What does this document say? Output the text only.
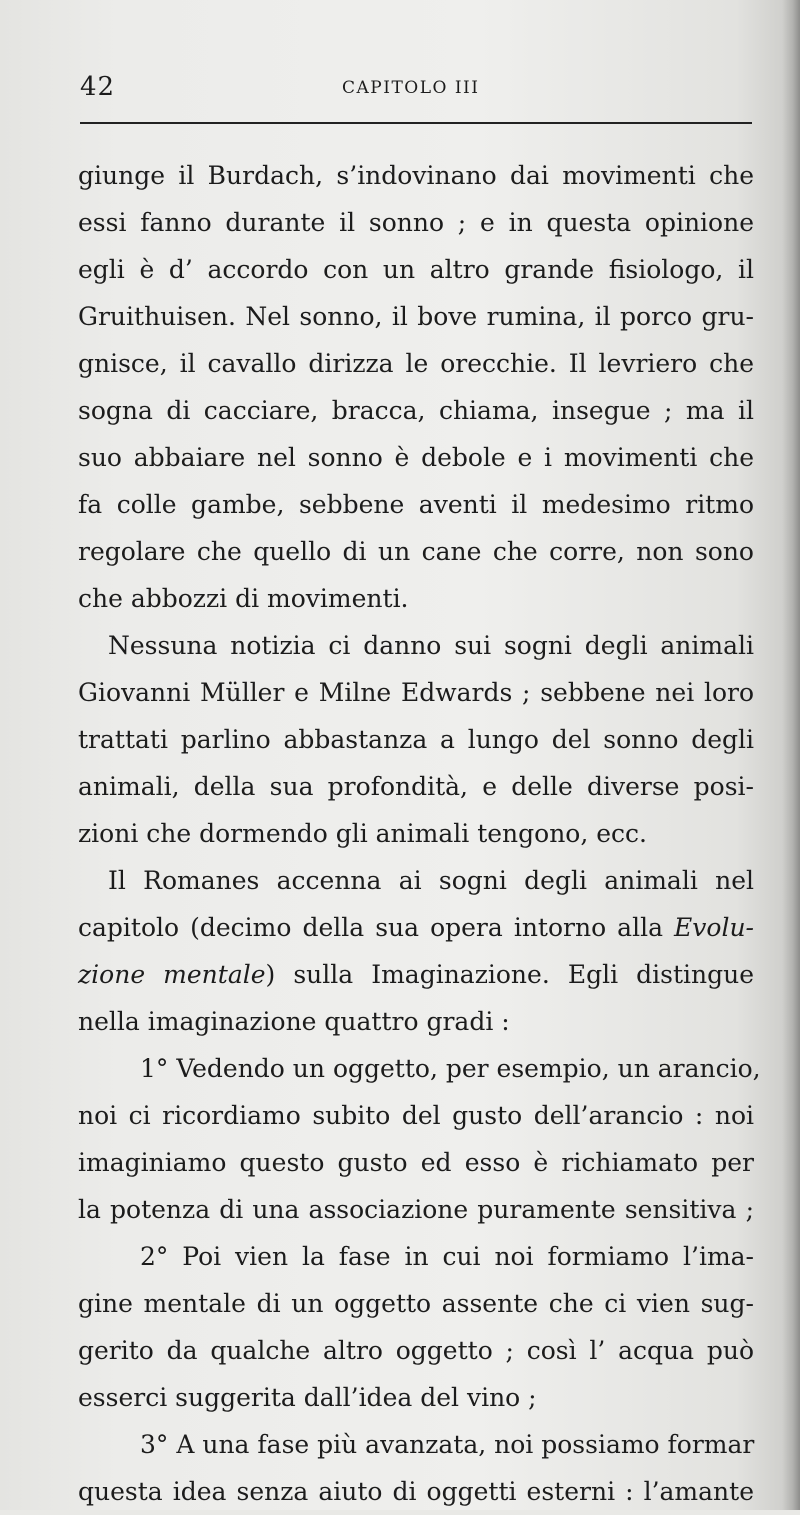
42	CAPITOLO III
giunge il Burdach, s’indovinano dai movimenti che
essi fanno durante il sonno ; e in questa opinione
egli è d’ accordo con un altro grande fisiologo, il
Gruithuisen. Nel sonno, il bove rumina, il porco gru-
gnisce, il cavallo dirizza le orecchie. Il levriero che
sogna di cacciare, bracca, chiama, insegue ; ma il
suo abbaiare nel sonno è debole e i movimenti che
fa colle gambe, sebbene aventi il medesimo ritmo
regolare che quello di un cane che corre, non sono
che abbozzi di movimenti.
Nessuna notizia ci danno sui sogni degli animali
Giovanni Müller e Milne Edwards ; sebbene nei loro
trattati parlino abbastanza a lungo del sonno degli
animali, della sua profondità, e delle diverse posi-
zioni che dormendo gli animali tengono, ecc.
Il Romanes accenna ai sogni degli animali nel
capitolo (decimo della sua opera intorno alla Evolu-
zione mentale) sulla Imaginazione. Egli distingue
nella imaginazione quattro gradi :
1° Vedendo un oggetto, per esempio, un arancio,
noi ci ricordiamo subito del gusto dell’arancio : noi
imaginiamo questo gusto ed esso è richiamato per
la potenza di una associazione puramente sensitiva ;
2° Poi vien la fase in cui noi formiamo l’ima-
gine mentale di un oggetto assente che ci vien sug-
gerito da qualche altro oggetto ; così l’ acqua può
esserci suggerita dall’idea del vino ;
3° A una fase più avanzata, noi possiamo formar
questa idea senza aiuto di oggetti esterni : l’amante
